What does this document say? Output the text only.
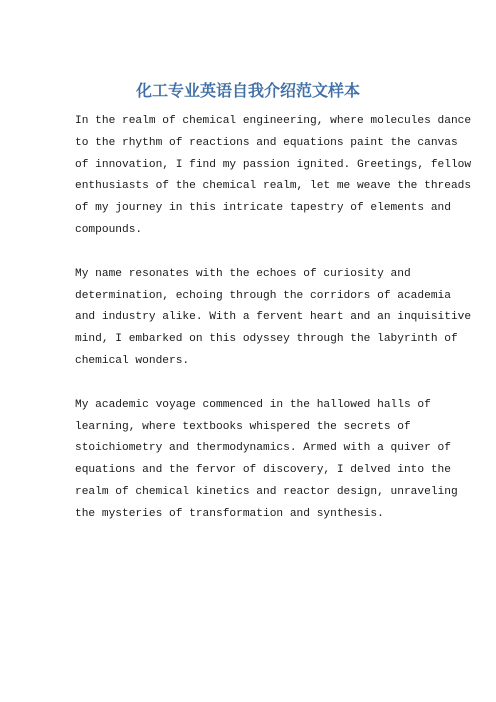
化工专业英语自我介绍范文样本
In the realm of chemical engineering, where molecules dance
to the rhythm of reactions and equations paint the canvas
of innovation, I find my passion ignited. Greetings, fellow
enthusiasts of the chemical realm, let me weave the threads
of my journey in this intricate tapestry of elements and
compounds.
My name resonates with the echoes of curiosity and
determination, echoing through the corridors of academia
and industry alike. With a fervent heart and an inquisitive
mind, I embarked on this odyssey through the labyrinth of
chemical wonders.
My academic voyage commenced in the hallowed halls of
learning, where textbooks whispered the secrets of
stoichiometry and thermodynamics. Armed with a quiver of
equations and the fervor of discovery, I delved into the
realm of chemical kinetics and reactor design, unraveling
the mysteries of transformation and synthesis.
